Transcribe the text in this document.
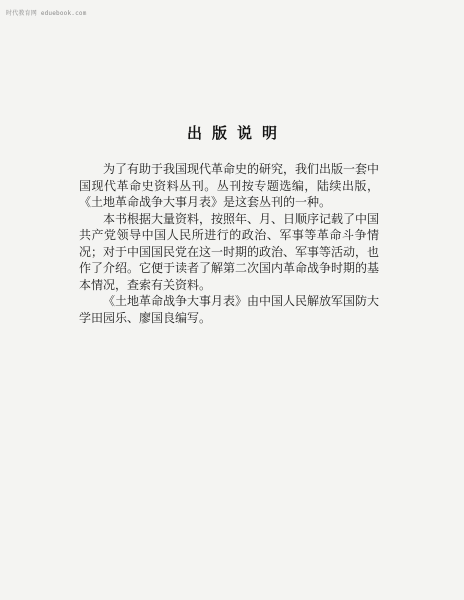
时代教育网 eduebook.com
出版说明

为了有助于我国现代革命史的研究，我们出版一套中国现代革命史资料丛刊。丛刊按专题选编，陆续出版，《土地革命战争大事月表》是这套丛刊的一种。

本书根据大量资料，按照年、月、日顺序记载了中国共产党领导中国人民所进行的政治、军事等革命斗争情况；对于中国国民党在这一时期的政治、军事等活动，也作了介绍。它便于读者了解第二次国内革命战争时期的基本情况，查索有关资料。

《土地革命战争大事月表》由中国人民解放军国防大学田园乐、廖国良编写。
